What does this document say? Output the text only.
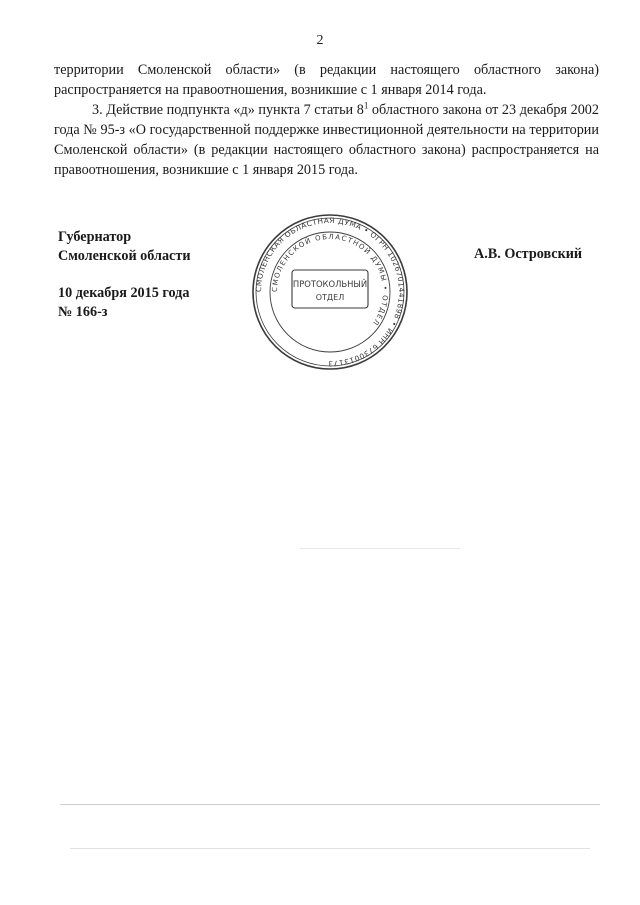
2

территории Смоленской области» (в редакции настоящего областного закона) распространяется на правоотношения, возникшие с 1 января 2014 года.

3. Действие подпункта «д» пункта 7 статьи $8^1$ областного закона от 23 декабря 2002 года № 95-з «О государственной поддержке инвестиционной деятельности на территории Смоленской области» (в редакции настоящего областного закона) распространяется на правоотношения, возникшие с 1 января 2015 года.

Губернатор
Смоленской области
10 декабря 2015 года
№ 166-з
А.В. Островский
СМОЛЕНСКАЯ ОБЛАСТНАЯ ДУМА • ОГРН 1026701441898 • ИНН 6730013173
СМОЛЕНСКОЙ ОБЛАСТНОЙ ДУМЫ • ОТДЕЛ
ПРОТОКОЛЬНЫЙ
ОТДЕЛ
